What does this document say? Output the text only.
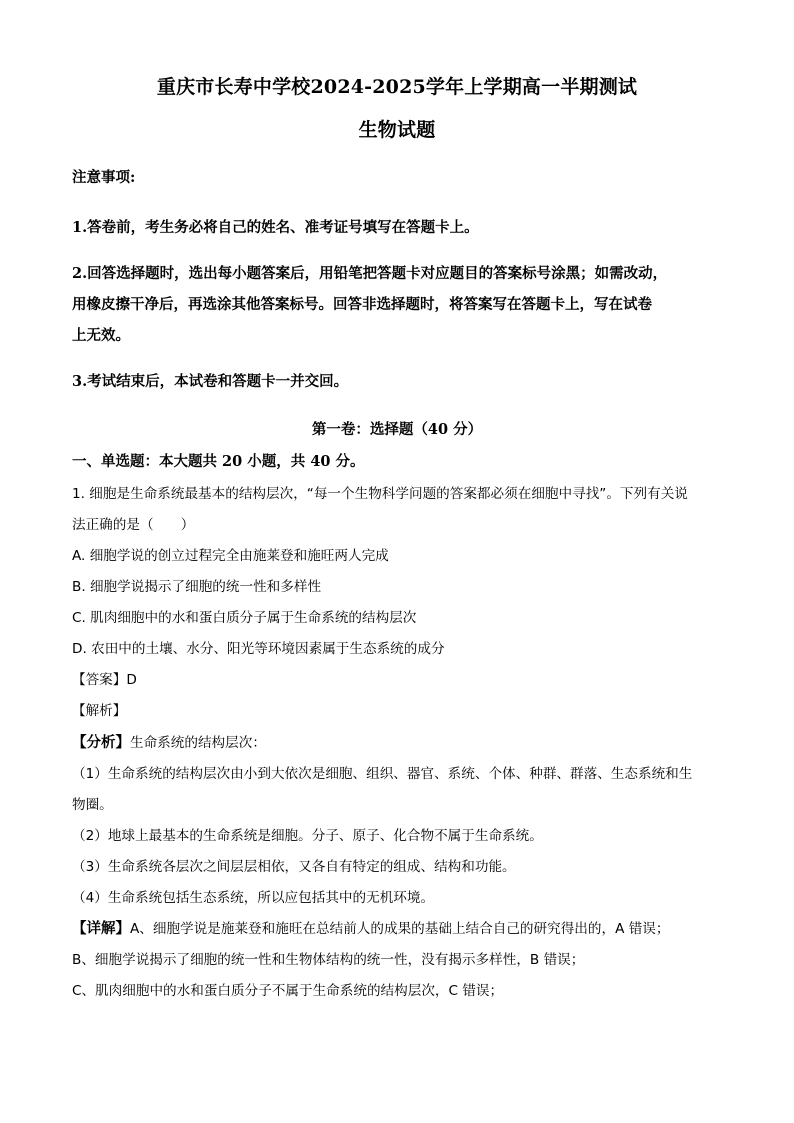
重庆市长寿中学校2024-2025学年上学期高一半期测试
生物试题
注意事项:
1.答卷前，考生务必将自己的姓名、准考证号填写在答题卡上。
2.回答选择题时，选出每小题答案后，用铅笔把答题卡对应题目的答案标号涂黑；如需改动，
用橡皮擦干净后，再选涂其他答案标号。回答非选择题时，将答案写在答题卡上，写在试卷
上无效。
3.考试结束后，本试卷和答题卡一并交回。
第一卷：选择题（40 分）
一、单选题：本大题共 20 小题，共 40 分。
1. 细胞是生命系统最基本的结构层次，“每一个生物科学问题的答案都必须在细胞中寻找”。下列有关说
法正确的是（　　）
A. 细胞学说的创立过程完全由施莱登和施旺两人完成
B. 细胞学说揭示了细胞的统一性和多样性
C. 肌肉细胞中的水和蛋白质分子属于生命系统的结构层次
D. 农田中的土壤、水分、阳光等环境因素属于生态系统的成分
【答案】D
【解析】
【分析】生命系统的结构层次：
（1）生命系统的结构层次由小到大依次是细胞、组织、器官、系统、个体、种群、群落、生态系统和生
物圈。
（2）地球上最基本的生命系统是细胞。分子、原子、化合物不属于生命系统。
（3）生命系统各层次之间层层相依，又各自有特定的组成、结构和功能。
（4）生命系统包括生态系统，所以应包括其中的无机环境。
【详解】A、细胞学说是施莱登和施旺在总结前人的成果的基础上结合自己的研究得出的，A 错误；
B、细胞学说揭示了细胞的统一性和生物体结构的统一性，没有揭示多样性，B 错误；
C、肌肉细胞中的水和蛋白质分子不属于生命系统的结构层次，C 错误；
